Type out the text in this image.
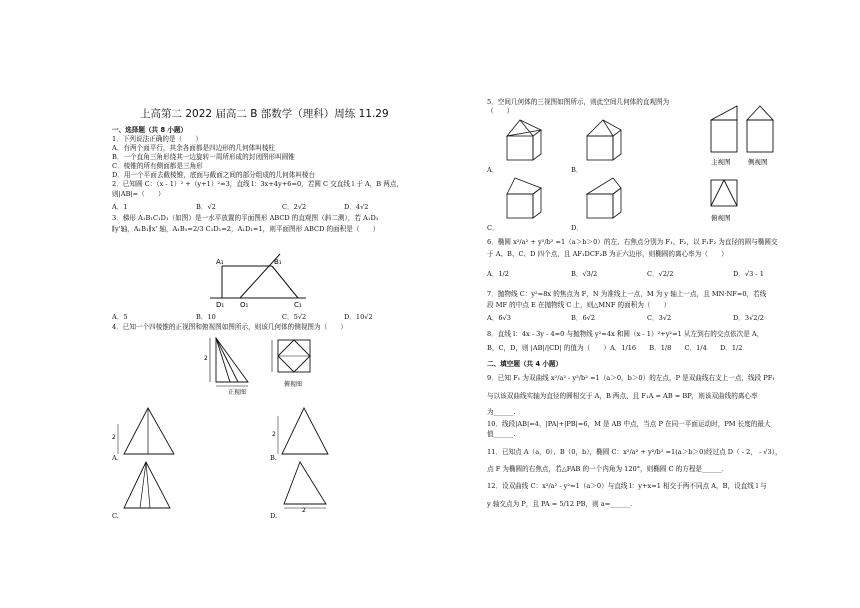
上高第二 2022 届高二 B 部数学（理科）周练 11.29
一、选择题（共 8 小题）
1．下列说法正确的是（　　）
A．有两个面平行，其余各面都是四边形的几何体叫棱柱
B．一个直角三角形绕其一边旋转一周所形成的封闭图形叫圆锥
C．棱锥的所有侧面都是三角形
D．用一个平面去截棱锥，底面与截面之间的部分组成的几何体叫棱台
2．已知圆 C：（x - 1）² +（y+1）²=3，直线 l：3x+4y+6=0，若圆 C 交直线 l 于 A，B 两点，
则|AB|=（　　）
A．1	B．√2	C．2√2	D．4√2
3．梯形 A₁B₁C₁D₁（如图）是一水平放置的平面图形 ABCD 的直观图（斜二测），若 A₁D₁
∥y'轴，A₁B₁∥x' 轴，A₁B₁=2/3 C₁D₁=2，A₁D₁=1，则平面图形 ABCD 的面积是（　　）
A₁	B₁
D₁ O₁	C₁
A．5	B．10	C．5√2	D．10√2
4．已知一个四棱锥的正视图和俯视图如图所示，则该几何体的侧视图为（　　）
2
正视图
俯视图
2
A.
2
B.
C.
2
D.
5．空间几何体的三视图如图所示，则此空间几何体的直观图为
（　　）
A．	B．
C．	D．
主视图	侧视图
俯视图
6．椭圆 x²/a² + y²/b² =1（a＞b＞0）的左、右焦点分别为 F₁、F₂，以 F₁F₂ 为直径的圆与椭圆交
于 A、B、C、D 四个点，且 AF₁DCF₂B 为正六边形，则椭圆的离心率为（　　）
A．1/2	B．√3/2	C．√2/2	D．√3 - 1
7．抛物线 C：y²=8x 的焦点为 F，N 为准线上一点，M 为 y 轴上一点，且 MN·NF=0，若线
段 MF 的中点 E 在抛物线 C 上，则△MNF 的面积为（　　）
A．6√3	B．6√2	C．3√2	D．3√2/2
8．直线 l：4x - 3y - 4=0 与抛物线 y²=4x 和圆（x - 1）²+y²=1 从左到右的交点依次是 A，
B，C，D，则 |AB|/|CD| 的值为（　　）A．1/16　　B．1/8　　C．1/4　　D．1/2
二、填空题（共 4 小题）
9．已知 F₁ 为双曲线 x²/a² - y²/b² =1（a＞0，b＞0）的左点，P 是双曲线右支上一点，线段 PF₁
与以该双曲线实轴为直径的圆相交于 A，B 两点，且 F₁A = AB = BP，则该双曲线的离心率
为______.
10．线段|AB|=4，|PA|+|PB|=6，M 是 AB 中点，当点 P 在同一平面运动时，PM 长度的最大
值______.
11．已知点 A（a，0）、B（0，b），椭圆 C：x²/a² + y²/b² =1(a＞b＞0)经过点 D（ - 2， - √3），
点 F 为椭圆的右焦点，若△FAB 的一个内角为 120°，则椭圆 C 的方程是______.
12．设双曲线 C：x²/a² - y²=1（a＞0）与直线 l：y+x=1 相交于两不同点 A，B，设直线 l 与
y 轴交点为 P，且 PA = 5/12 PB，则 a=______.
